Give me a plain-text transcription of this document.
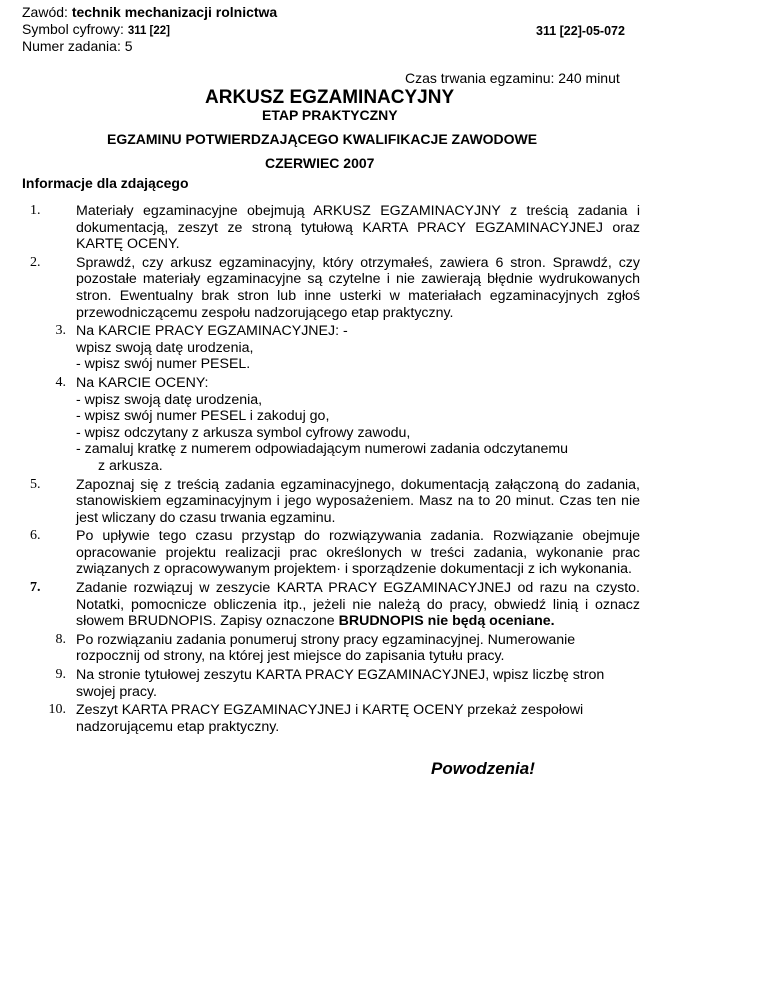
Zawód: technik mechanizacji rolnictwa
Symbol cyfrowy: 311 [22]
Numer zadania: 5
311 [22]-05-072
Czas trwania egzaminu: 240 minut
ARKUSZ EGZAMINACYJNY
ETAP PRAKTYCZNY
EGZAMINU POTWIERDZAJĄCEGO KWALIFIKACJE ZAWODOWE
CZERWIEC 2007
Informacje dla zdającego
1.	Materiały egzaminacyjne obejmują ARKUSZ EGZAMINACYJNY z treścią zadania i dokumentacją, zeszyt ze stroną tytułową KARTA PRACY EGZAMINACYJNEJ oraz KARTĘ OCENY.
2.	Sprawdź, czy arkusz egzaminacyjny, który otrzymałeś, zawiera 6 stron. Sprawdź, czy pozostałe materiały egzaminacyjne są czytelne i nie zawierają błędnie wydrukowanych stron. Ewentualny brak stron lub inne usterki w materiałach egzaminacyjnych zgłoś przewodniczącemu zespołu nadzorującego etap praktyczny.
3. Na KARCIE PRACY EGZAMINACYJNEJ: -
wpisz swoją datę urodzenia,
- wpisz swój numer PESEL.
4. Na KARCIE OCENY:
- wpisz swoją datę urodzenia,
- wpisz swój numer PESEL i zakoduj go,
- wpisz odczytany z arkusza symbol cyfrowy zawodu,
- zamaluj kratkę z numerem odpowiadającym numerowi zadania odczytanemu
z arkusza.
5.	Zapoznaj się z treścią zadania egzaminacyjnego, dokumentacją załączoną do zadania, stanowiskiem egzaminacyjnym i jego wyposażeniem. Masz na to 20 minut. Czas ten nie jest wliczany do czasu trwania egzaminu.
6.	Po upływie tego czasu przystąp do rozwiązywania zadania. Rozwiązanie obejmuje opracowanie projektu realizacji prac określonych w treści zadania, wykonanie prac związanych z opracowywanym projektem· i sporządzenie dokumentacji z ich wykonania.
7.	Zadanie rozwiązuj w zeszycie KARTA PRACY EGZAMINACYJNEJ od razu na czysto. Notatki, pomocnicze obliczenia itp., jeżeli nie należą do pracy, obwiedź linią i oznacz słowem BRUDNOPIS. Zapisy oznaczone BRUDNOPIS nie będą oceniane.
8. Po rozwiązaniu zadania ponumeruj strony pracy egzaminacyjnej. Numerowanie rozpocznij od strony, na której jest miejsce do zapisania tytułu pracy.
9. Na stronie tytułowej zeszytu KARTA PRACY EGZAMINACYJNEJ, wpisz liczbę stron swojej pracy.
10. Zeszyt KARTA PRACY EGZAMINACYJNEJ i KARTĘ OCENY przekaż zespołowi nadzorującemu etap praktyczny.
Powodzenia!
